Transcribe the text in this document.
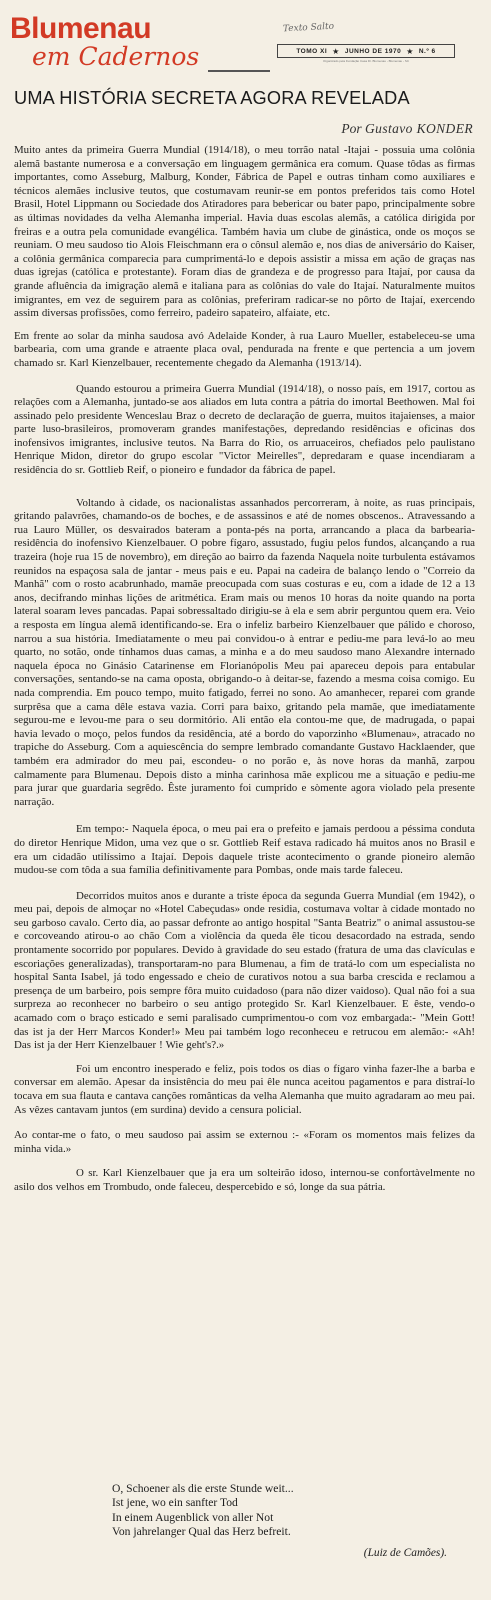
Blumenau
em Cadernos
Texto Salto
TOMO XI ★ JUNHO DE 1970 ★ N.º 6
Organizado pela Fundação Casa Dr. Blumenau - Blumenau - SC
UMA HISTÓRIA SECRETA AGORA REVELADA
Por Gustavo KONDER

Muito antes da primeira Guerra Mundial (1914/18), o meu torrão natal -Itajai - possuia uma colônia alemã bastante numerosa e a conversação em linguagem germânica era comum. Quase tôdas as firmas importantes, como Asseburg, Malburg, Konder, Fábrica de Papel e outras tinham como auxiliares e técnicos alemães inclusive teutos, que costumavam reunir-se em pontos preferidos tais como Hotel Brasil, Hotel Lippmann ou Sociedade dos Atiradores para bebericar ou bater papo, principalmente sobre as últimas novidades da velha Alemanha imperial. Havia duas escolas alemãs, a católica dirigida por freiras e a outra pela comunidade evangélica. Também havia um clube de ginástica, onde os moços se reuniam. O meu saudoso tio Alois Fleischmann era o cônsul alemão e, nos dias de aniversário do Kaiser, a colônia germânica comparecia para cumprimentá-lo e depois assistir a missa em ação de graças nas duas igrejas (católica e protestante). Foram dias de grandeza e de progresso para Itajaí, por causa da grande afluência da imigração alemã e italiana para as colônias do vale do Itajaí. Naturalmente muitos imigrantes, em vez de seguirem para as colônias, preferiram radicar-se no pôrto de Itajaí, exercendo assim diversas profissões, como ferreiro, padeiro sapateiro, alfaiate, etc.

Em frente ao solar da minha saudosa avó Adelaide Konder, à rua Lauro Mueller, estabeleceu-se uma barbearia, com uma grande e atraente placa oval, pendurada na frente e que pertencia a um jovem chamado sr. Karl Kienzelbauer, recentemente chegado da Alemanha (1913/14).

Quando estourou a primeira Guerra Mundial (1914/18), o nosso país, em 1917, cortou as relações com a Alemanha, juntado-se aos aliados em luta contra a pátria do imortal Beethowen. Mal foi assinado pelo presidente Wenceslau Braz o decreto de declaração de guerra, muitos itajaienses, a maior parte luso-brasileiros, promoveram grandes manifestações, depredando residências e oficinas dos inofensivos imigrantes, inclusive teutos. Na Barra do Rio, os arruaceiros, chefiados pelo paulistano Henrique Midon, diretor do grupo escolar "Victor Meirelles", depredaram e quase incendiaram a residência do sr. Gottlieb Reif, o pioneiro e fundador da fábrica de papel.

Voltando à cidade, os nacionalistas assanhados percorreram, à noite, as ruas principais, gritando palavrões, chamando-os de boches, e de assassinos e até de nomes obscenos.. Atravessando a rua Lauro Müller, os desvairados bateram a ponta-pés na porta, arrancando a placa da barbearia-residência do inofensivo Kienzelbauer. O pobre fígaro, assustado, fugiu pelos fundos, alcançando a rua trazeira (hoje rua 15 de novembro), em direção ao bairro da fazenda Naquela noite turbulenta estávamos reunidos na espaçosa sala de jantar - meus pais e eu. Papai na cadeira de balanço lendo o "Correio da Manhã" com o rosto acabrunhado, mamãe preocupada com suas costuras e eu, com a idade de 12 a 13 anos, decifrando minhas lições de aritmética. Eram mais ou menos 10 horas da noite quando na porta lateral soaram leves pancadas. Papai sobressaltado dirigiu-se à ela e sem abrir perguntou quem era. Veio a resposta em língua alemã identificando-se. Era o infeliz barbeiro Kienzelbauer que pálido e choroso, narrou a sua história. Imediatamente o meu pai convidou-o à entrar e pediu-me para levá-lo ao meu quarto, no sotão, onde tínhamos duas camas, a minha e a do meu saudoso mano Alexandre internado naquela época no Ginásio Catarinense em Florianópolis Meu pai apareceu depois para entabular conversações, sentando-se na cama oposta, obrigando-o à deitar-se, fazendo a mesma coisa comigo. Eu nada comprendia. Em pouco tempo, muito fatigado, ferrei no sono. Ao amanhecer, reparei com grande surprêsa que a cama dêle estava vazia. Corri para baixo, gritando pela mamãe, que imediatamente segurou-me e levou-me para o seu dormitório. Ali então ela contou-me que, de madrugada, o papai havia levado o moço, pelos fundos da residência, até a bordo do vaporzinho «Blumenau», atracado no trapiche do Asseburg. Com a aquiescência do sempre lembrado comandante Gustavo Hacklaender, que também era admirador do meu pai, escondeu- o no porão e, às nove horas da manhã, zarpou calmamente para Blumenau. Depois disto a minha carinhosa mãe explicou me a situação e pediu-me para jurar que guardaria segrêdo. Êste juramento foi cumprido e sòmente agora violado pela presente narração.

Em tempo:- Naquela época, o meu pai era o prefeito e jamais perdoou a péssima conduta do diretor Henrique Midon, uma vez que o sr. Gottlieb Reif estava radicado há muitos anos no Brasil e era um cidadão utilíssimo a Itajaí. Depois daquele triste acontecimento o grande pioneiro alemão mudou-se com tôda a sua família definitivamente para Pombas, onde mais tarde faleceu.

Decorridos muitos anos e durante a triste época da segunda Guerra Mundial (em 1942), o meu pai, depois de almoçar no «Hotel Cabeçudas» onde residia, costumava voltar à cidade montado no seu garboso cavalo. Certo dia, ao passar defronte ao antigo hospital "Santa Beatriz" o animal assustou-se e corcoveando atirou-o ao chão Com a violência da queda êle ticou desacordado na estrada, sendo prontamente socorrido por populares. Devido à gravidade do seu estado (fratura de uma das clavículas e escoriações generalizadas), transportaram-no para Blumenau, a fim de tratá-lo com um especialista no hospital Santa Isabel, já todo engessado e cheio de curativos notou a sua barba crescida e reclamou a presença de um barbeiro, pois sempre fôra muito cuidadoso (para não dizer vaidoso). Qual não foi a sua surpreza ao reconhecer no barbeiro o seu antigo protegido Sr. Karl Kienzelbauer. E êste, vendo-o acamado com o braço esticado e semi paralisado cumprimentou-o com voz embargada:- "Mein Gott! das ist ja der Herr Marcos Konder!» Meu pai também logo reconheceu e retrucou em alemão:- «Ah! Das ist ja der Herr Kienzelbauer ! Wie geht's?.»

Foi um encontro inesperado e feliz, pois todos os dias o fígaro vinha fazer-lhe a barba e conversar em alemão. Apesar da insistência do meu pai êle nunca aceitou pagamentos e para distraí-lo tocava em sua flauta e cantava canções românticas da velha Alemanha que muito agradaram ao meu pai. As vêzes cantavam juntos (em surdina) devido a censura policial.

Ao contar-me o fato, o meu saudoso pai assim se externou :- «Foram os momentos mais felizes da minha vida.»

O sr. Karl Kienzelbauer que ja era um solteirão idoso, internou-se confortàvelmente no asilo dos velhos em Trombudo, onde faleceu, despercebido e só, longe da sua pátria.

O, Schoener als die erste Stunde weit...
Ist jene, wo ein sanfter Tod
In einem Augenblick von aller Not
Von jahrelanger Qual das Herz befreit.
(Luiz de Camões).
